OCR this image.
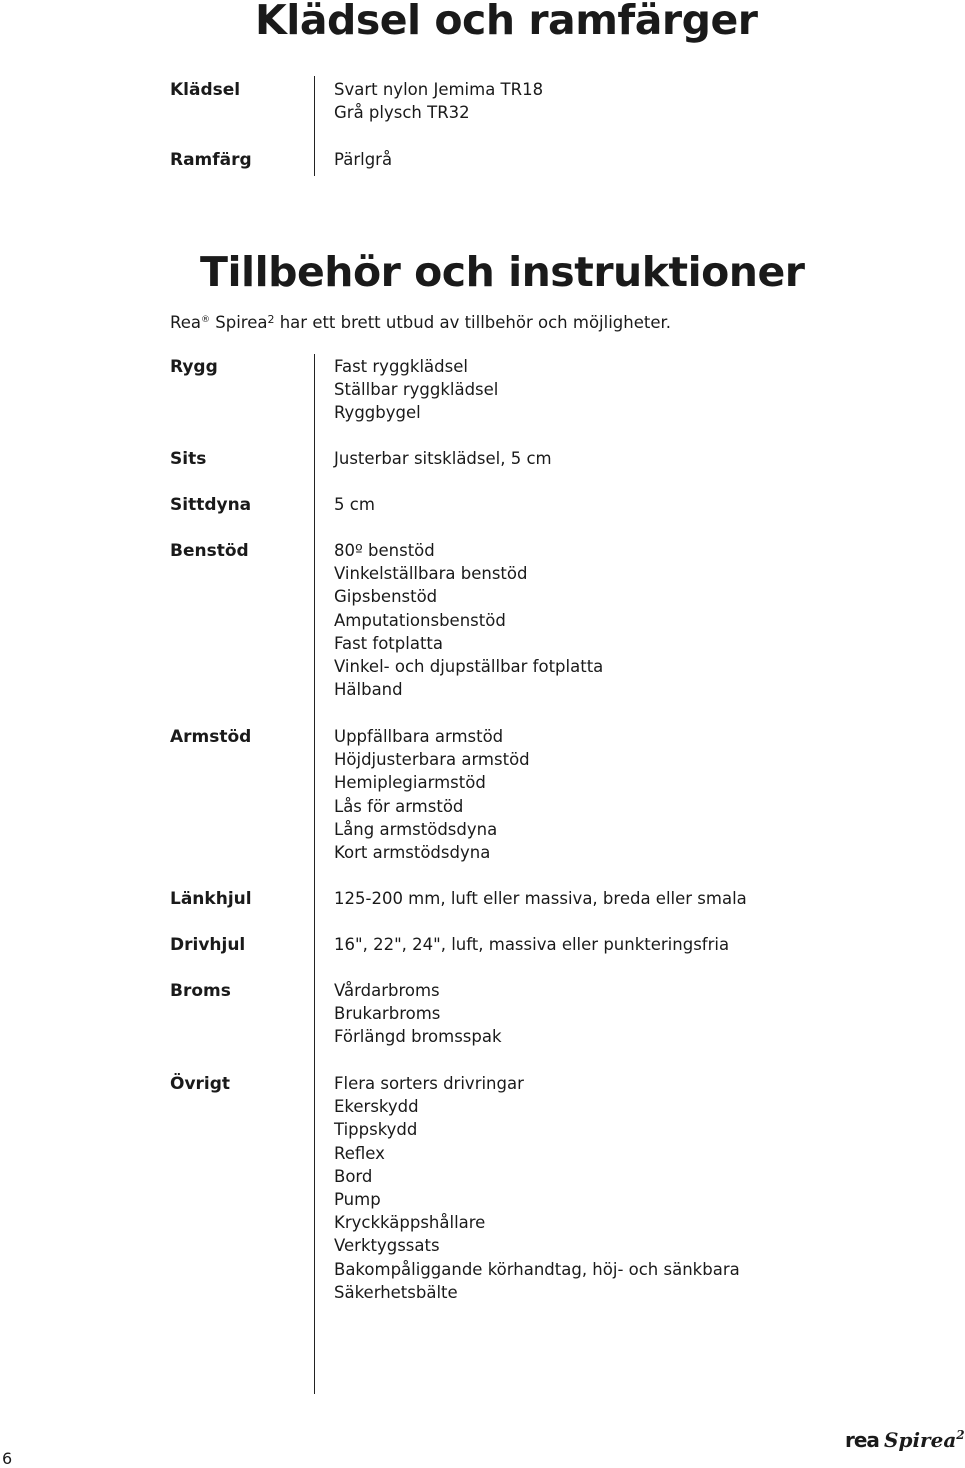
Klädsel och ramfärger
Klädsel	Svart nylon Jemima TR18
Grå plysch TR32
Ramfärg	Pärlgrå
Tillbehör och instruktioner
Rea® Spirea$^2$ har ett brett utbud av tillbehör och möjligheter.
Rygg	Fast ryggklädsel
Ställbar ryggklädsel
Ryggbygel
Sits	Justerbar sitsklädsel, 5 cm
Sittdyna	5 cm
Benstöd	80º benstöd
Vinkelställbara benstöd
Gipsbenstöd
Amputationsbenstöd
Fast fotplatta
Vinkel- och djupställbar fotplatta
Hälband
Armstöd	Uppfällbara armstöd
Höjdjusterbara armstöd
Hemiplegiarmstöd
Lås för armstöd
Lång armstödsdyna
Kort armstödsdyna
Länkhjul	125-200 mm, luft eller massiva, breda eller smala
Drivhjul	16", 22", 24", luft, massiva eller punkteringsfria
Broms	Vårdarbroms
Brukarbroms
Förlängd bromsspak
Övrigt	Flera sorters drivringar
Ekerskydd
Tippskydd
Reflex
Bord
Pump
Kryckkäppshållare
Verktygssats
Bakompåliggande körhandtag, höj- och sänkbara
Säkerhetsbälte
6
rea Spirea$^2$
